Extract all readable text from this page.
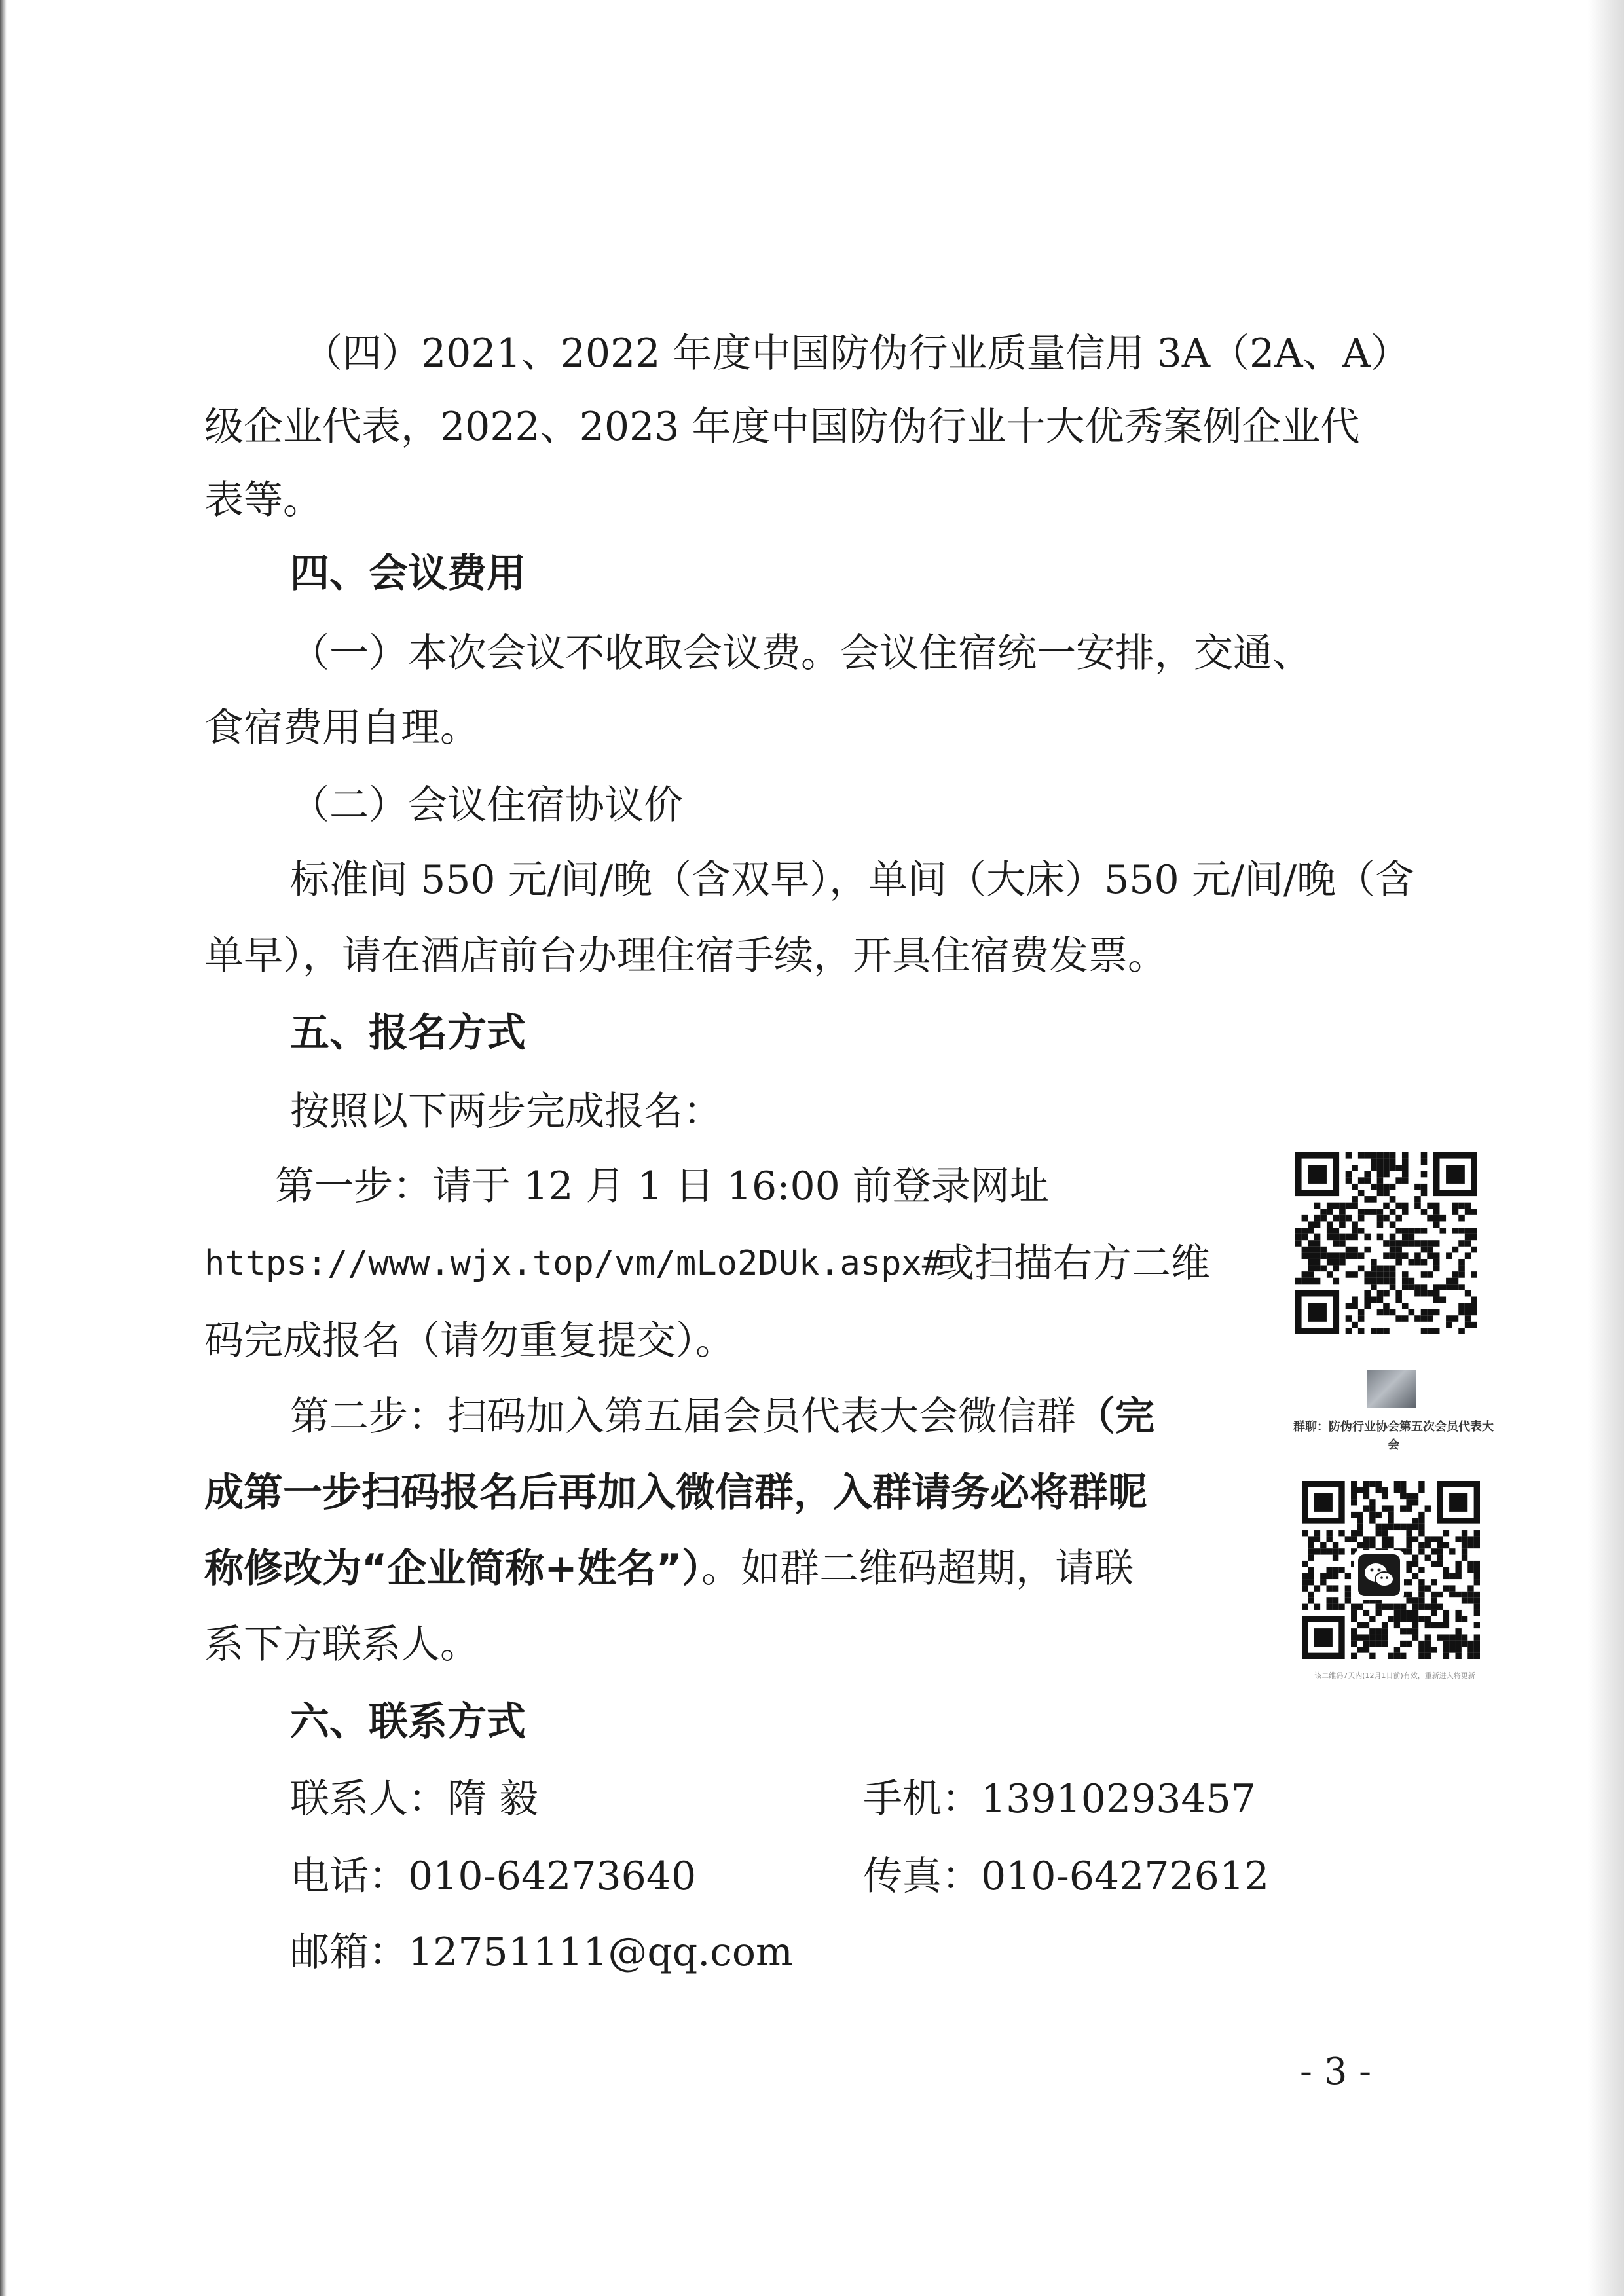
（四）2021、2022 年度中国防伪行业质量信用 3A（2A、A）
级企业代表，2022、2023 年度中国防伪行业十大优秀案例企业代
表等。
四、会议费用
（一）本次会议不收取会议费。会议住宿统一安排，交通、
食宿费用自理。
（二）会议住宿协议价
标准间 550 元/间/晚（含双早），单间（大床）550 元/间/晚（含
单早），请在酒店前台办理住宿手续，开具住宿费发票。
五、报名方式
按照以下两步完成报名：
第一步：请于 12 月 1 日 16:00 前登录网址
https://www.wjx.top/vm/mLo2DUk.aspx#
或扫描右方二维
码完成报名（请勿重复提交）。
第二步：扫码加入第五届会员代表大会微信群（完
成第一步扫码报名后再加入微信群，入群请务必将群昵
称修改为“企业简称+姓名”）。如群二维码超期，请联
系下方联系人。
六、联系方式
联系人：隋 毅	手机：13910293457
电话：010-64273640	传真：010-64272612
邮箱：12751111@qq.com
群聊：防伪行业协会第五次会员代表大会
该二维码7天内(12月1日前)有效，重新进入将更新
- 3 -
